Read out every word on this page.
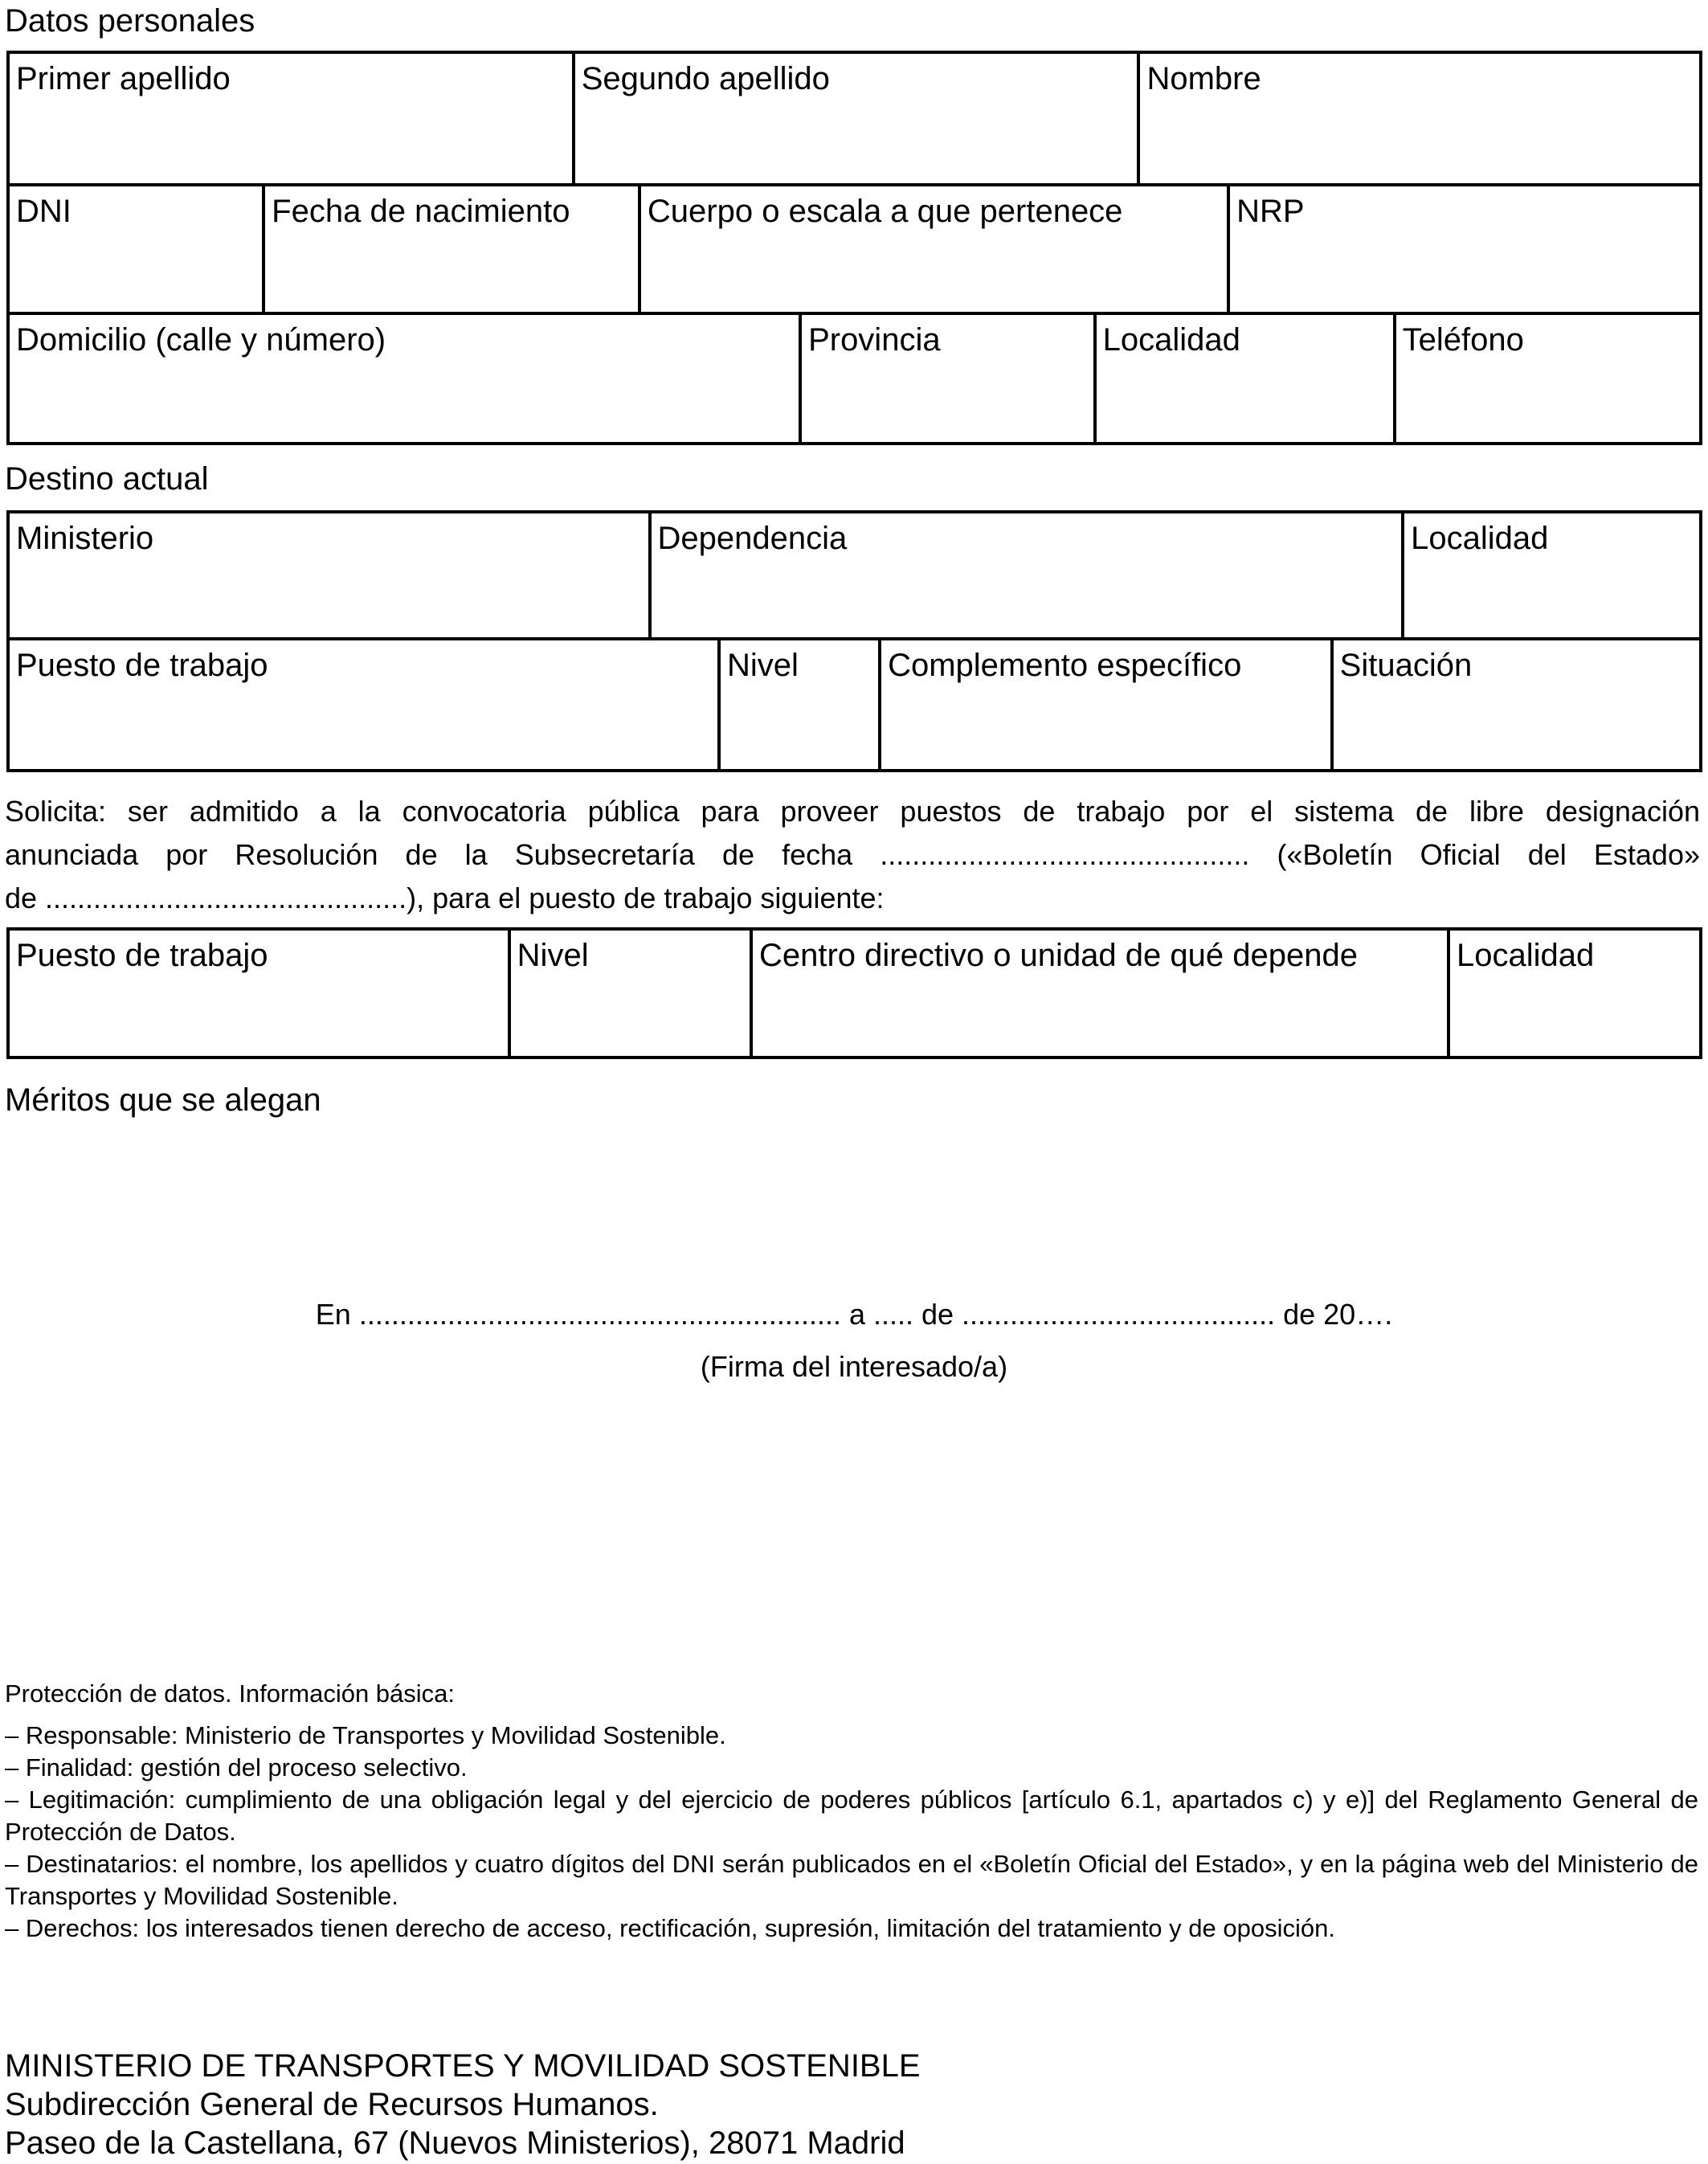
Datos personales
Primer apellido	Segundo apellido	Nombre
DNI	Fecha de nacimiento	Cuerpo o escala a que pertenece	NRP
Domicilio (calle y número)	Provincia	Localidad	Teléfono
Destino actual
Ministerio	Dependencia	Localidad
Puesto de trabajo	Nivel	Complemento específico	Situación
Solicita: ser admitido a la convocatoria pública para proveer puestos de trabajo por el sistema de libre designación
anunciada por Resolución de la Subsecretaría de fecha .............................................. («Boletín Oficial del Estado»
de .............................................), para el puesto de trabajo siguiente:
Puesto de trabajo	Nivel	Centro directivo o unidad de qué depende	Localidad
Méritos que se alegan
En ............................................................ a ..... de ....................................... de 20….
(Firma del interesado/a)
Protección de datos. Información básica:
– Responsable: Ministerio de Transportes y Movilidad Sostenible.
– Finalidad: gestión del proceso selectivo.
– Legitimación: cumplimiento de una obligación legal y del ejercicio de poderes públicos [artículo 6.1, apartados c) y e)] del Reglamento General de Protección de Datos.
– Destinatarios: el nombre, los apellidos y cuatro dígitos del DNI serán publicados en el «Boletín Oficial del Estado», y en la página web del Ministerio de Transportes y Movilidad Sostenible.
– Derechos: los interesados tienen derecho de acceso, rectificación, supresión, limitación del tratamiento y de oposición.
MINISTERIO DE TRANSPORTES Y MOVILIDAD SOSTENIBLE
Subdirección General de Recursos Humanos.
Paseo de la Castellana, 67 (Nuevos Ministerios), 28071 Madrid
